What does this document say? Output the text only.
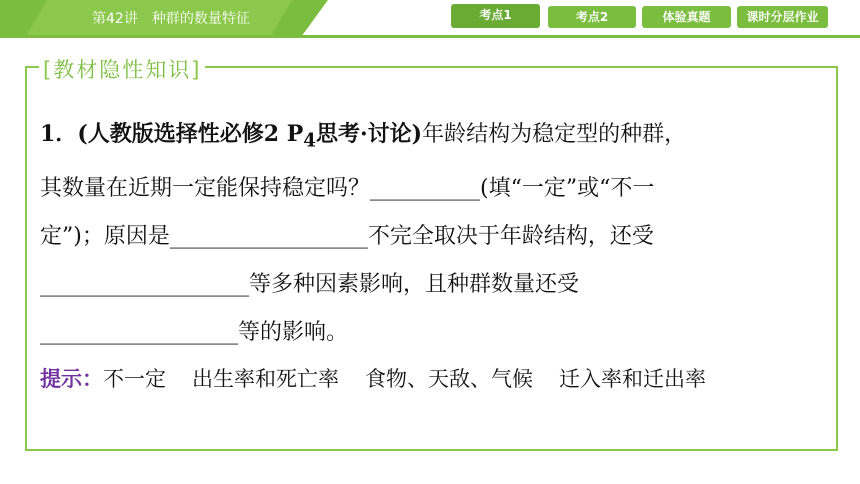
第42讲 种群的数量特征	考点1	考点2	体验真题	课时分层作业
[教材隐性知识]
1．(人教版选择性必修2 $P_4$思考·讨论)年龄结构为稳定型的种群，
其数量在近期一定能保持稳定吗？__________(填“一定”或“不一
定”)；原因是__________________不完全取决于年龄结构，还受
___________________等多种因素影响，且种群数量还受
__________________等的影响。
提示：不一定 出生率和死亡率 食物、天敌、气候 迁入率和迁出率
